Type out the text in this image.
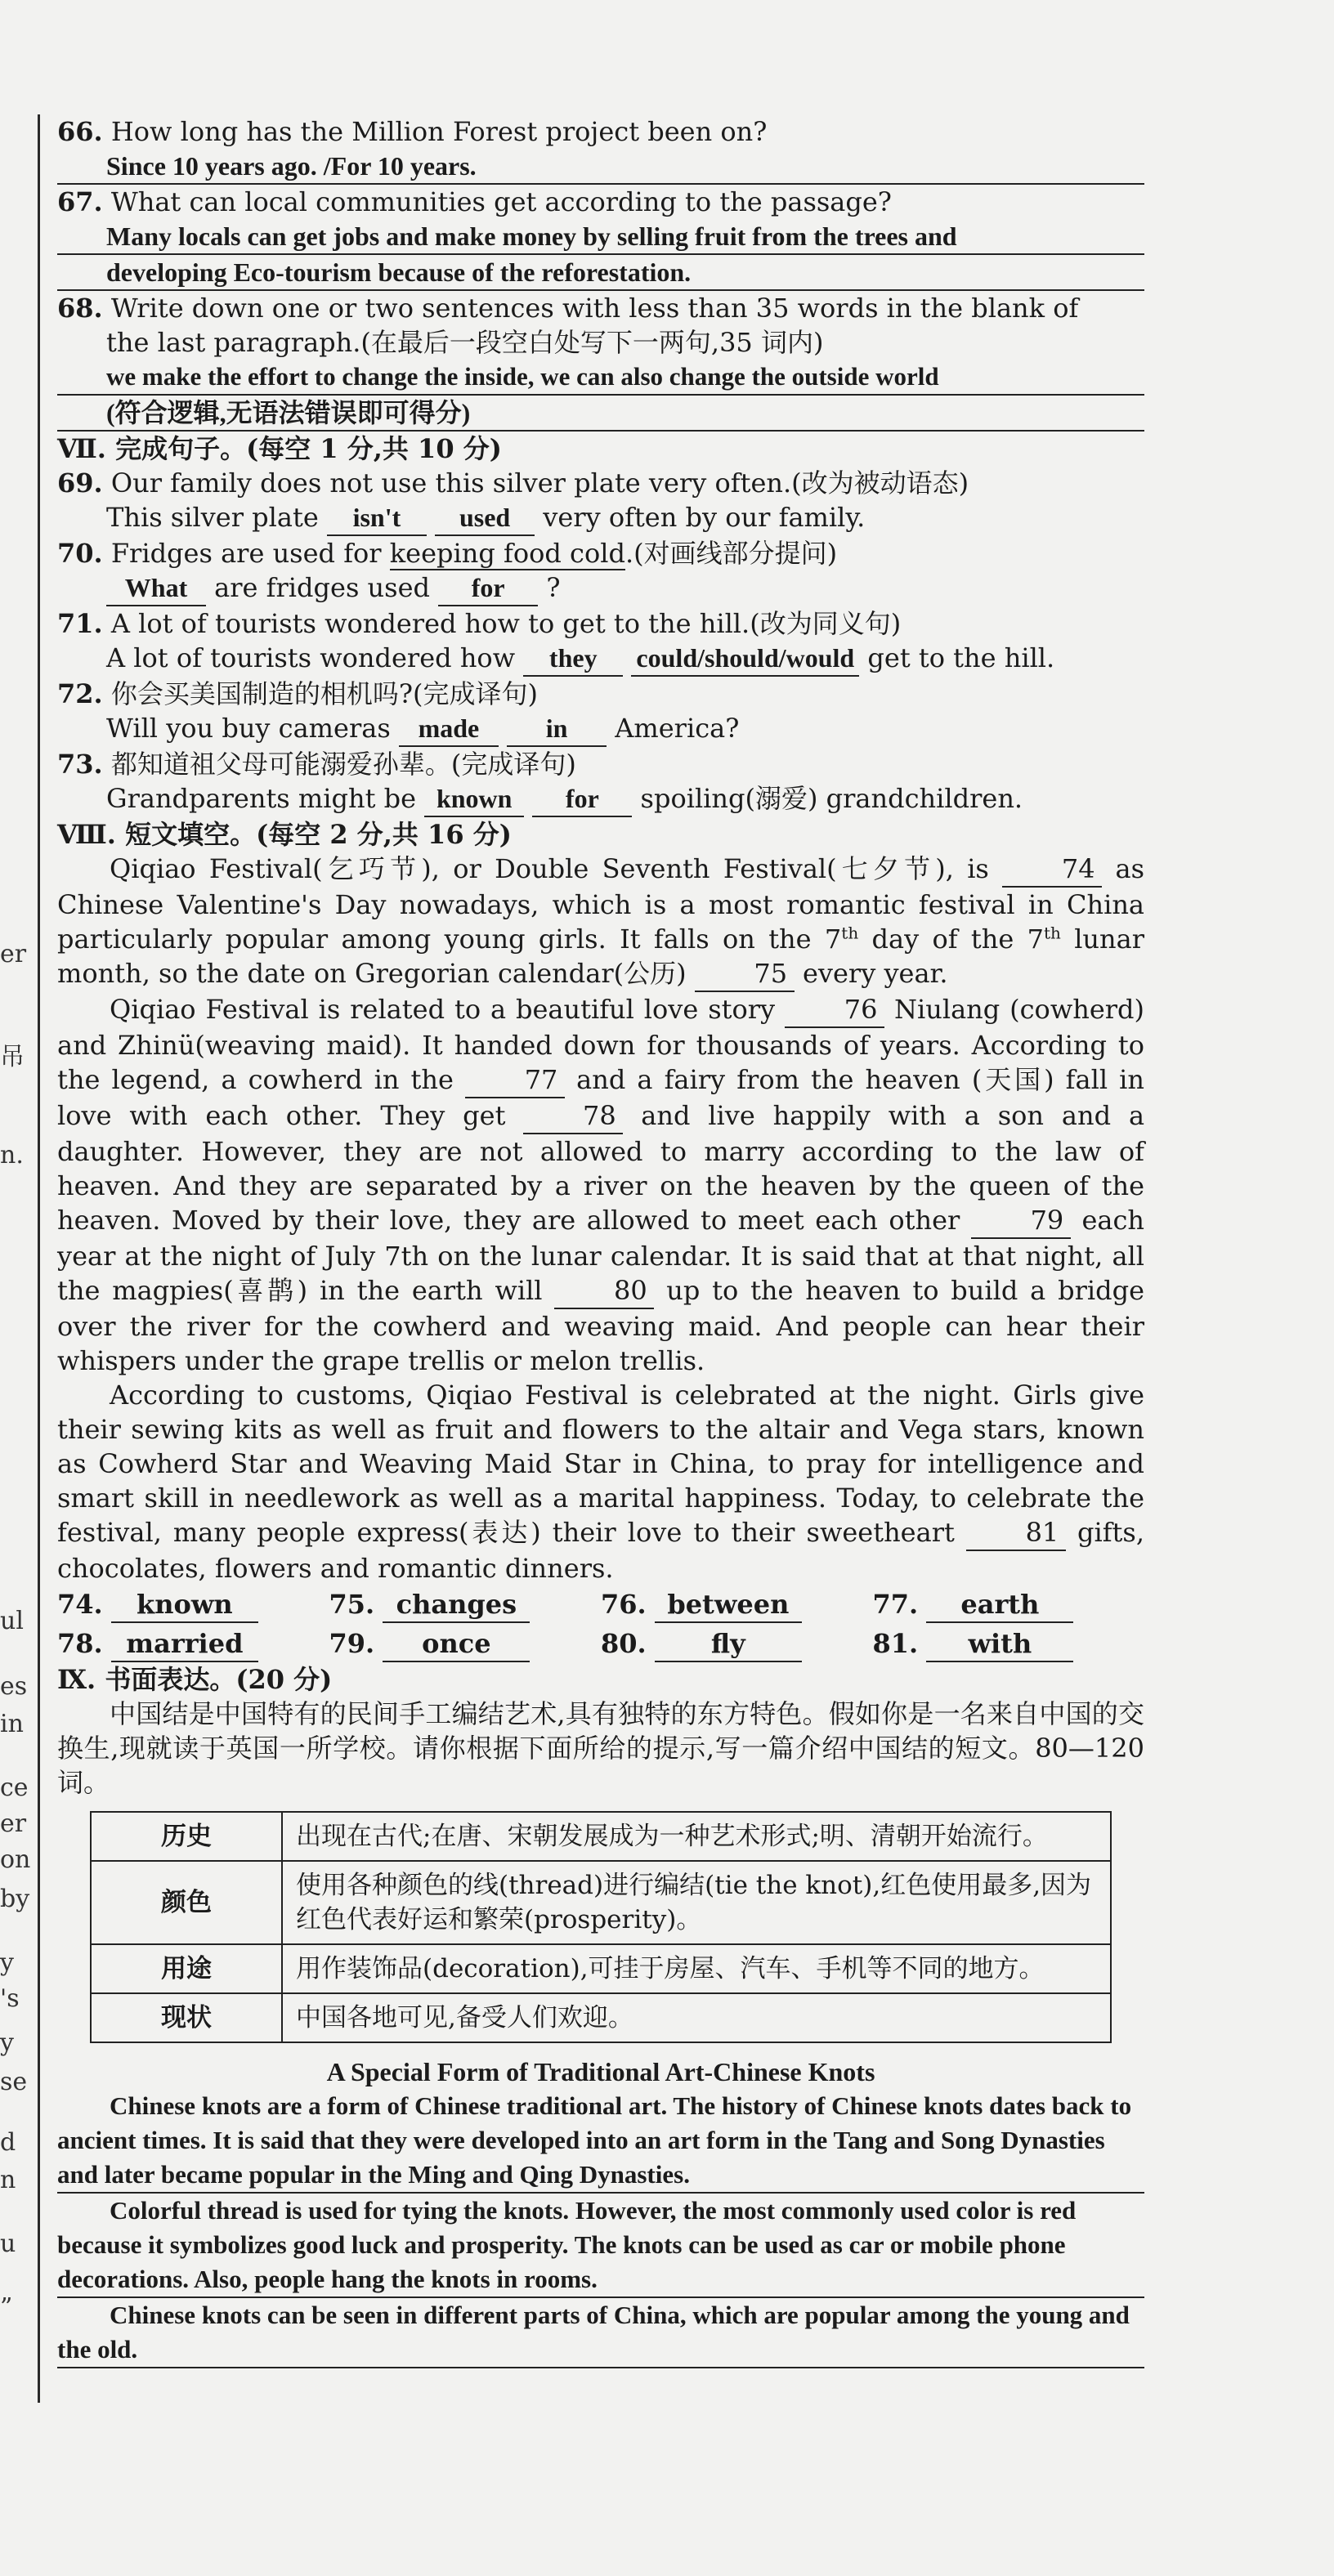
er
吊
n.
ul
es
in
ce
er
on
by
y
's
y
se
d
n
u
”
66. How long has the Million Forest project been on?
Since 10 years ago. /For 10 years.
67. What can local communities get according to the passage?
Many locals can get jobs and make money by selling fruit from the trees and
developing Eco-tourism because of the reforestation.
68. Write down one or two sentences with less than 35 words in the blank of
the last paragraph.(在最后一段空白处写下一两句,35 词内)
we make the effort to change the inside, we can also change the outside world
(符合逻辑,无语法错误即可得分)
Ⅶ. 完成句子。(每空 1 分,共 10 分)
69. Our family does not use this silver plate very often.(改为被动语态)
This silver plate isn't used very often by our family.
70. Fridges are used for keeping food cold.(对画线部分提问)
What are fridges used for ?
71. A lot of tourists wondered how to get to the hill.(改为同义句)
A lot of tourists wondered how they could/should/would get to the hill.
72. 你会买美国制造的相机吗?(完成译句)
Will you buy cameras made	in America?
73. 都知道祖父母可能溺爱孙辈。(完成译句)
Grandparents might be known for spoiling(溺爱) grandchildren.
Ⅷ. 短文填空。(每空 2 分,共 16 分)
Qiqiao Festival(乞巧节), or Double Seventh Festival(七夕节), is	74 as Chinese Valentine's Day nowadays, which is a most romantic festival in China particularly popular among young girls. It falls on the 7th day of the 7th lunar month, so the date on Gregorian calendar(公历)	75 every year.
Qiqiao Festival is related to a beautiful love story	76 Niulang (cowherd) and Zhinü(weaving maid). It handed down for thousands of years. According to the legend, a cowherd in the	77 and a fairy from the heaven (天国) fall in love with each other. They get	78 and live happily with a son and a daughter. However, they are not allowed to marry according to the law of heaven. And they are separated by a river on the heaven by the queen of the heaven. Moved by their love, they are allowed to meet each other	79 each year at the night of July 7th on the lunar calendar. It is said that at that night, all the magpies(喜鹊) in the earth will	80 up to the heaven to build a bridge over the river for the cowherd and weaving maid. And people can hear their whispers under the grape trellis or melon trellis.
According to customs, Qiqiao Festival is celebrated at the night. Girls give their sewing kits as well as fruit and flowers to the altair and Vega stars, known as Cowherd Star and Weaving Maid Star in China, to pray for intelligence and smart skill in needlework as well as a marital happiness. Today, to celebrate the festival, many people express(表达) their love to their sweetheart	81 gifts, chocolates, flowers and romantic dinners.
74. known	75. changes	76. between	77. earth
78. married	79. once	80. fly	81. with
Ⅸ. 书面表达。(20 分)
中国结是中国特有的民间手工编结艺术,具有独特的东方特色。假如你是一名来自中国的交换生,现就读于英国一所学校。请你根据下面所给的提示,写一篇介绍中国结的短文。80—120 词。
历史	出现在古代;在唐、宋朝发展成为一种艺术形式;明、清朝开始流行。
颜色	使用各种颜色的线(thread)进行编结(tie the knot),红色使用最多,因为红色代表好运和繁荣(prosperity)。
用途	用作装饰品(decoration),可挂于房屋、汽车、手机等不同的地方。
现状	中国各地可见,备受人们欢迎。
A Special Form of Traditional Art-Chinese Knots

Chinese knots are a form of Chinese traditional art. The history of Chinese knots dates back to ancient times. It is said that they were developed into an art form in the Tang and Song Dynasties and later became popular in the Ming and Qing Dynasties.

Colorful thread is used for tying the knots. However, the most commonly used color is red because it symbolizes good luck and prosperity. The knots can be used as car or mobile phone decorations. Also, people hang the knots in rooms.

Chinese knots can be seen in different parts of China, which are popular among the young and the old.
